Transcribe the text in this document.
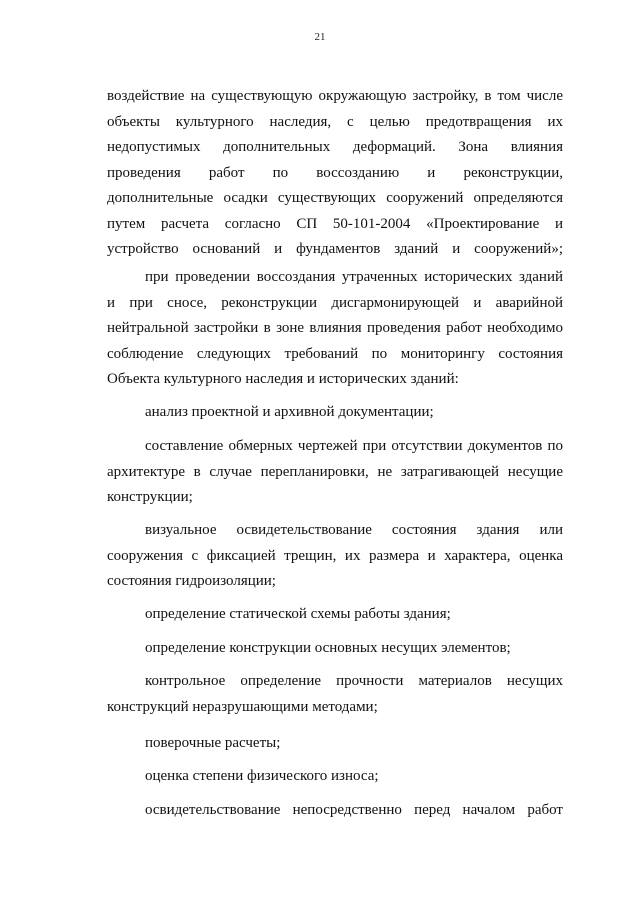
21
воздействие на существующую окружающую застройку, в том числе
объекты культурного наследия, с целью предотвращения их
недопустимых дополнительных деформаций. Зона влияния
проведения работ по воссозданию и реконструкции,
дополнительные осадки существующих сооружений определяются
путем расчета согласно СП 50-101-2004 «Проектирование и
устройство оснований и фундаментов зданий и сооружений»;
при проведении воссоздания утраченных исторических зданий
и при сносе, реконструкции дисгармонирующей и аварийной
нейтральной застройки в зоне влияния проведения работ необходимо
соблюдение следующих требований по мониторингу состояния
Объекта культурного наследия и исторических зданий:
анализ проектной и архивной документации;
составление обмерных чертежей при отсутствии документов по
архитектуре в случае перепланировки, не затрагивающей несущие
конструкции;
визуальное освидетельствование состояния здания или
сооружения с фиксацией трещин, их размера и характера, оценка
состояния гидроизоляции;
определение статической схемы работы здания;
определение конструкции основных несущих элементов;
контрольное определение прочности материалов несущих
конструкций неразрушающими методами;
поверочные расчеты;
оценка степени физического износа;
освидетельствование непосредственно перед началом работ
